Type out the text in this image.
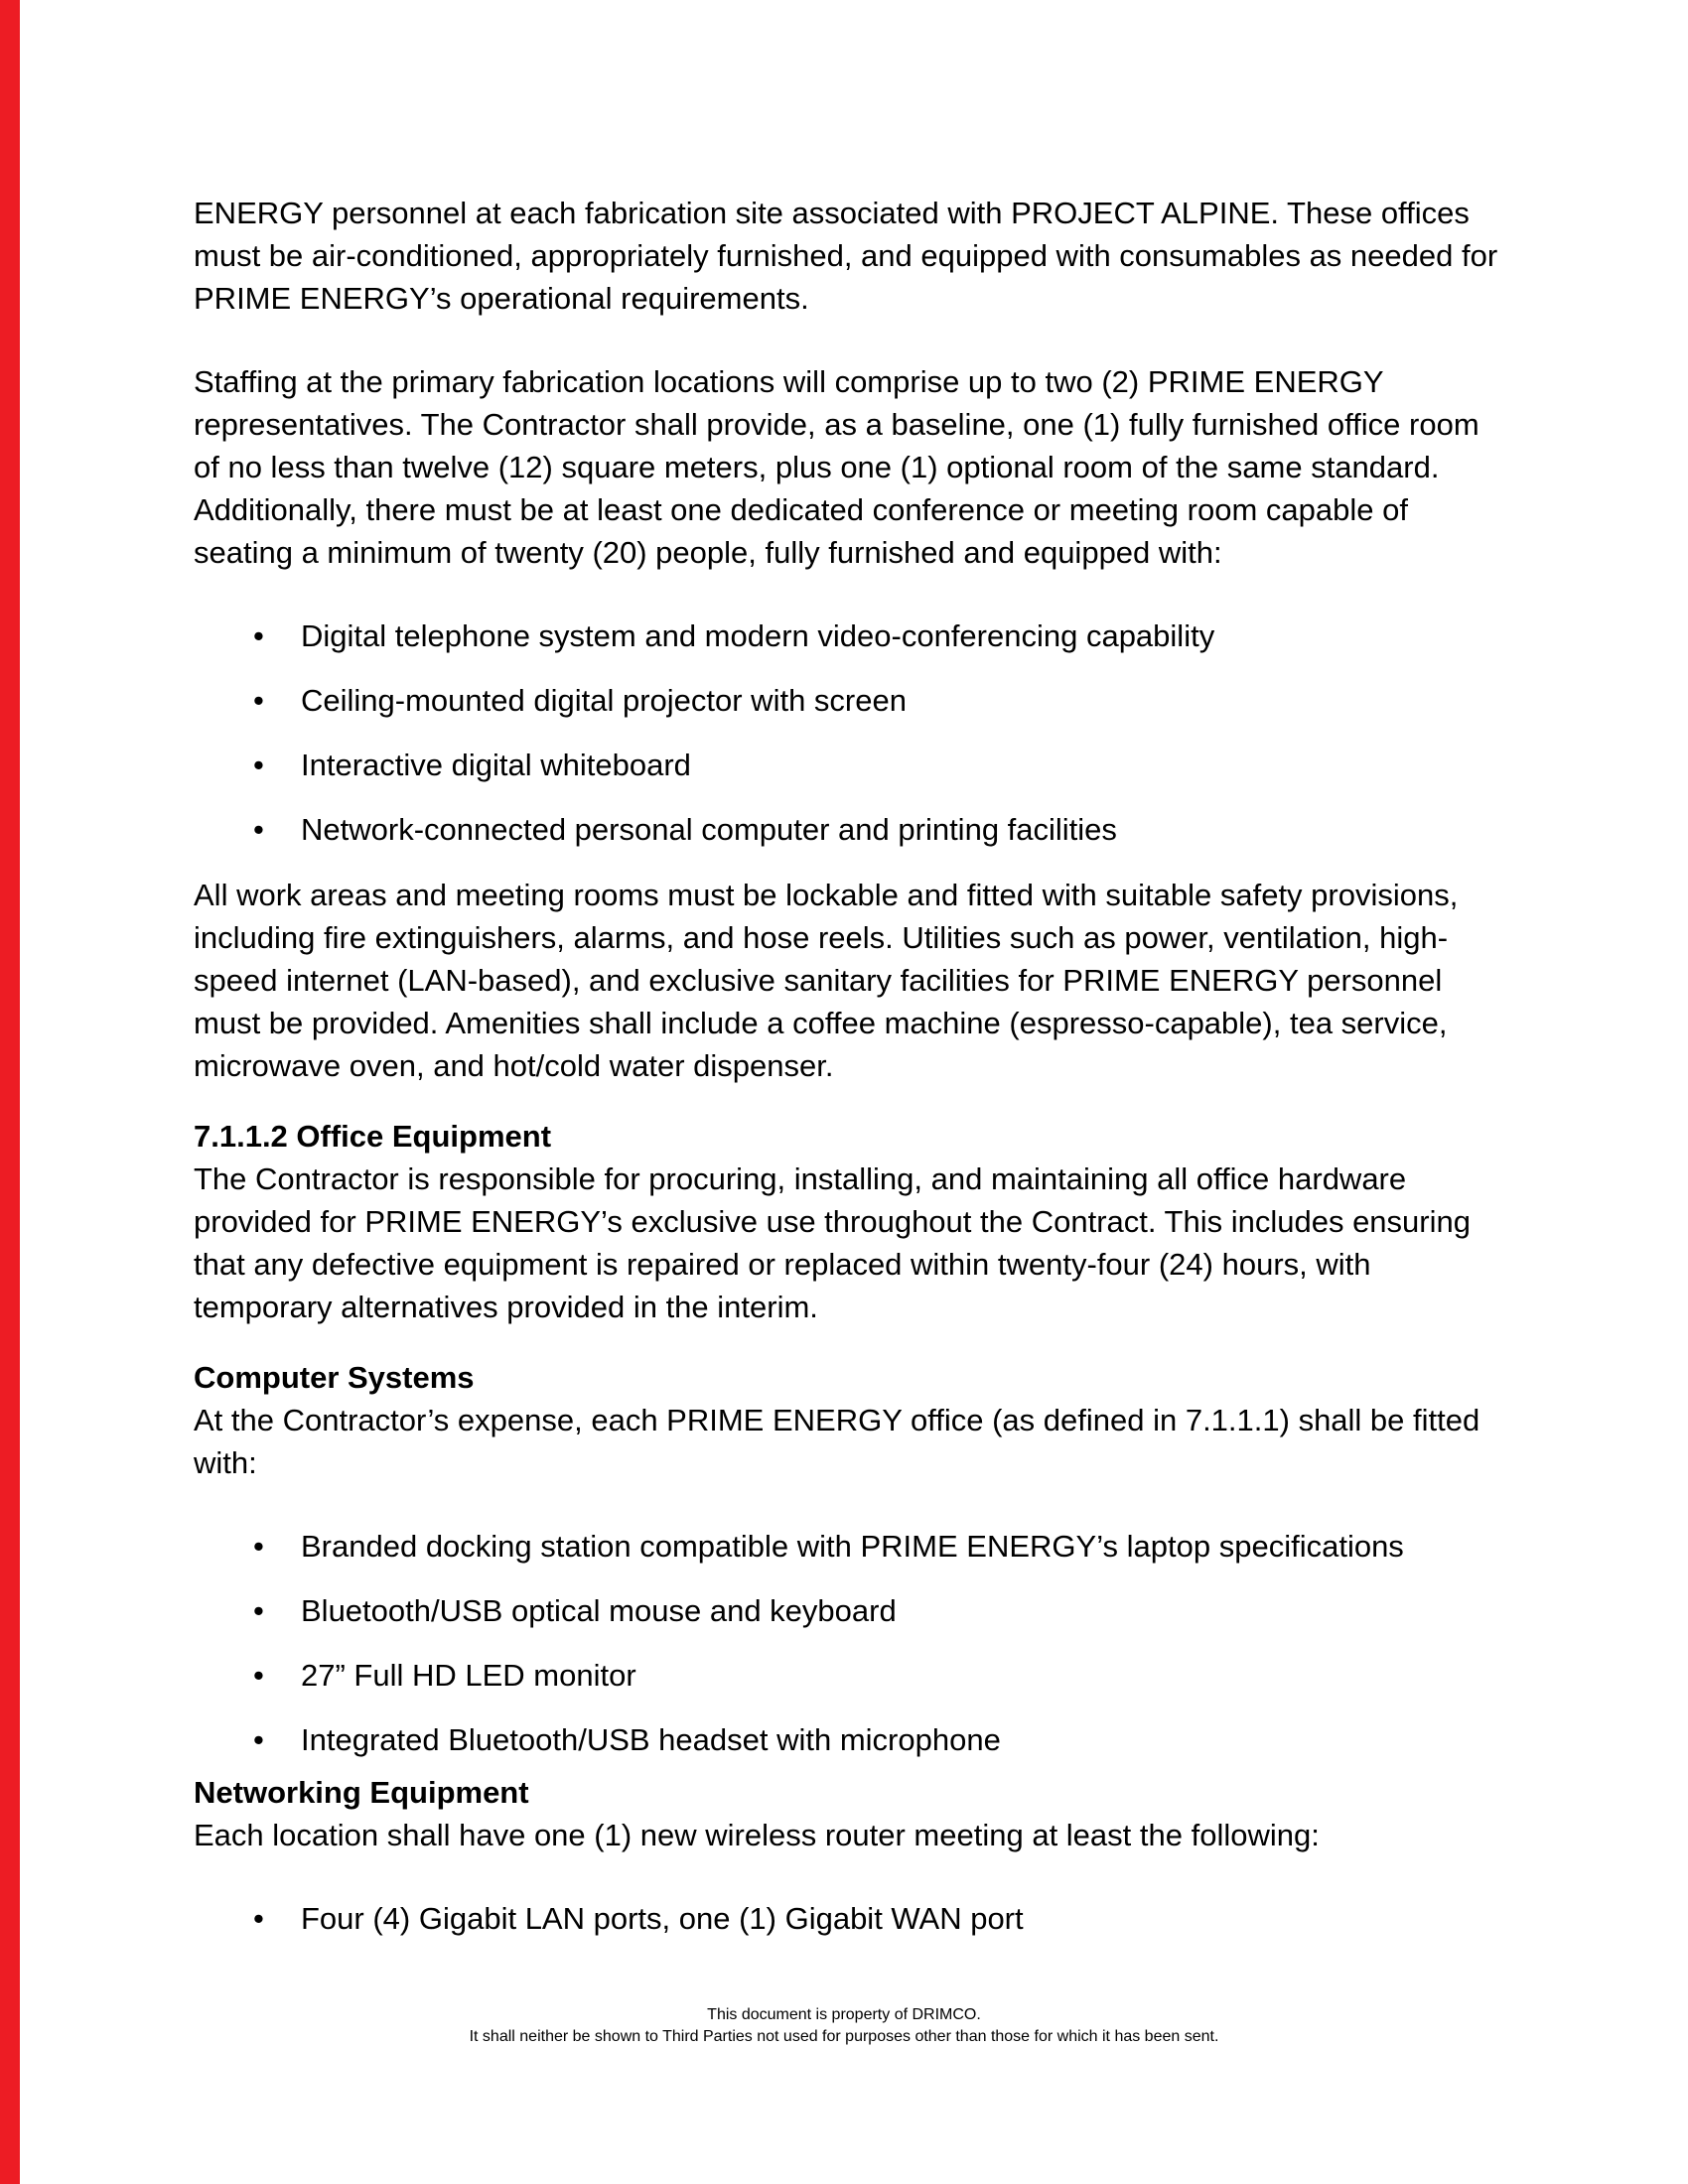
ENERGY personnel at each fabrication site associated with PROJECT ALPINE. These offices must be air-conditioned, appropriately furnished, and equipped with consumables as needed for PRIME ENERGY’s operational requirements.

Staffing at the primary fabrication locations will comprise up to two (2) PRIME ENERGY representatives. The Contractor shall provide, as a baseline, one (1) fully furnished office room of no less than twelve (12) square meters, plus one (1) optional room of the same standard. Additionally, there must be at least one dedicated conference or meeting room capable of seating a minimum of twenty (20) people, fully furnished and equipped with:

•	Digital telephone system and modern video-conferencing capability
•	Ceiling-mounted digital projector with screen
•	Interactive digital whiteboard
•	Network-connected personal computer and printing facilities

All work areas and meeting rooms must be lockable and fitted with suitable safety provisions, including fire extinguishers, alarms, and hose reels. Utilities such as power, ventilation, high-speed internet (LAN-based), and exclusive sanitary facilities for PRIME ENERGY personnel must be provided. Amenities shall include a coffee machine (espresso-capable), tea service, microwave oven, and hot/cold water dispenser.

7.1.1.2 Office Equipment

The Contractor is responsible for procuring, installing, and maintaining all office hardware provided for PRIME ENERGY’s exclusive use throughout the Contract. This includes ensuring that any defective equipment is repaired or replaced within twenty-four (24) hours, with temporary alternatives provided in the interim.

Computer Systems

At the Contractor’s expense, each PRIME ENERGY office (as defined in 7.1.1.1) shall be fitted with:

•	Branded docking station compatible with PRIME ENERGY’s laptop specifications
•	Bluetooth/USB optical mouse and keyboard
•	27” Full HD LED monitor
•	Integrated Bluetooth/USB headset with microphone
Networking Equipment

Each location shall have one (1) new wireless router meeting at least the following:

•	Four (4) Gigabit LAN ports, one (1) Gigabit WAN port
This document is property of DRIMCO.
It shall neither be shown to Third Parties not used for purposes other than those for which it has been sent.
